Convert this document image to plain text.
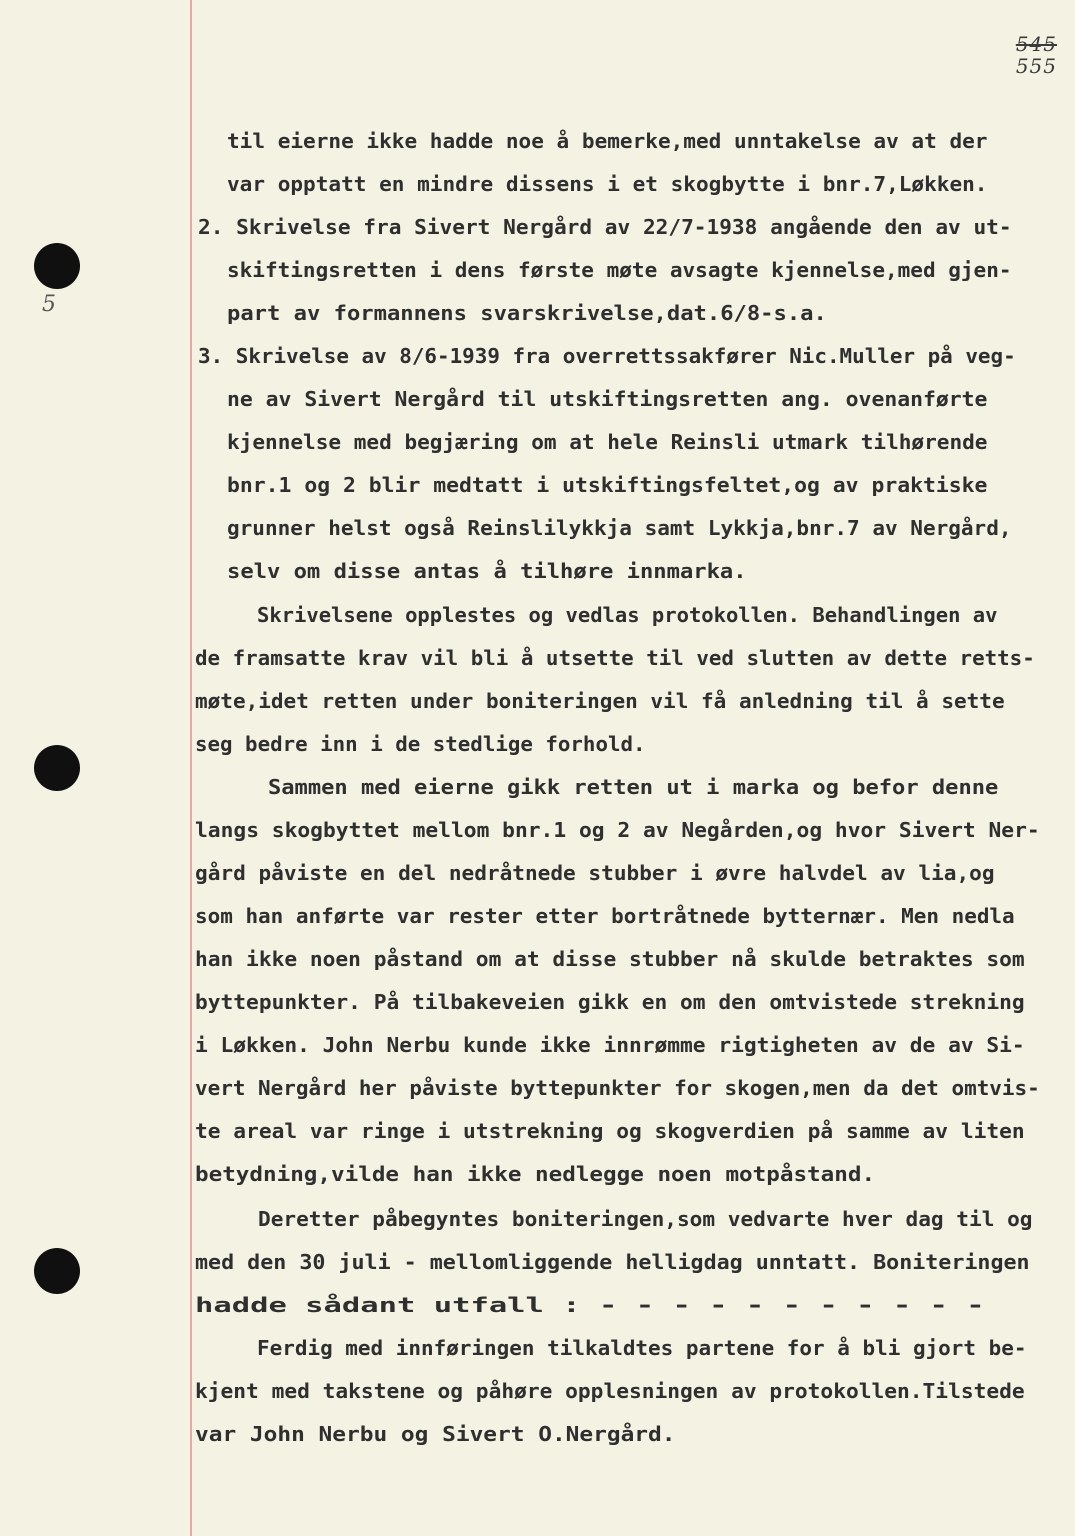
545
555
5
til eierne ikke hadde noe å bemerke,med unntakelse av at der
var opptatt en mindre dissens i et skogbytte i bnr.7,Løkken.
2. Skrivelse fra Sivert Nergård av 22/7-1938 angående den av ut-
skiftingsretten i dens første møte avsagte kjennelse,med gjen-
part av formannens svarskrivelse,dat.6/8-s.a.
3. Skrivelse av 8/6-1939 fra overrettssakfører Nic.Muller på veg-
ne av Sivert Nergård til utskiftingsretten ang. ovenanførte
kjennelse med begjæring om at hele Reinsli utmark tilhørende
bnr.1 og 2 blir medtatt i utskiftingsfeltet,og av praktiske
grunner helst også Reinslilykkja samt Lykkja,bnr.7 av Nergård,
selv om disse antas å tilhøre innmarka.
Skrivelsene opplestes og vedlas protokollen. Behandlingen av
de framsatte krav vil bli å utsette til ved slutten av dette retts-
møte,idet retten under boniteringen vil få anledning til å sette
seg bedre inn i de stedlige forhold.
Sammen med eierne gikk retten ut i marka og befor denne
langs skogbyttet mellom bnr.1 og 2 av Negården,og hvor Sivert Ner-
gård påviste en del nedråtnede stubber i øvre halvdel av lia,og
som han anførte var rester etter bortråtnede bytternær. Men nedla
han ikke noen påstand om at disse stubber nå skulde betraktes som
byttepunkter. På tilbakeveien gikk en om den omtvistede strekning
i Løkken. John Nerbu kunde ikke innrømme rigtigheten av de av Si-
vert Nergård her påviste byttepunkter for skogen,men da det omtvis-
te areal var ringe i utstrekning og skogverdien på samme av liten
betydning,vilde han ikke nedlegge noen motpåstand.
Deretter påbegyntes boniteringen,som vedvarte hver dag til og
med den 30 juli - mellomliggende helligdag unntatt. Boniteringen
hadde sådant utfall : - - - - - - - - - - -
Ferdig med innføringen tilkaldtes partene for å bli gjort be-
kjent med takstene og påhøre opplesningen av protokollen.Tilstede
var John Nerbu og Sivert O.Nergård.
